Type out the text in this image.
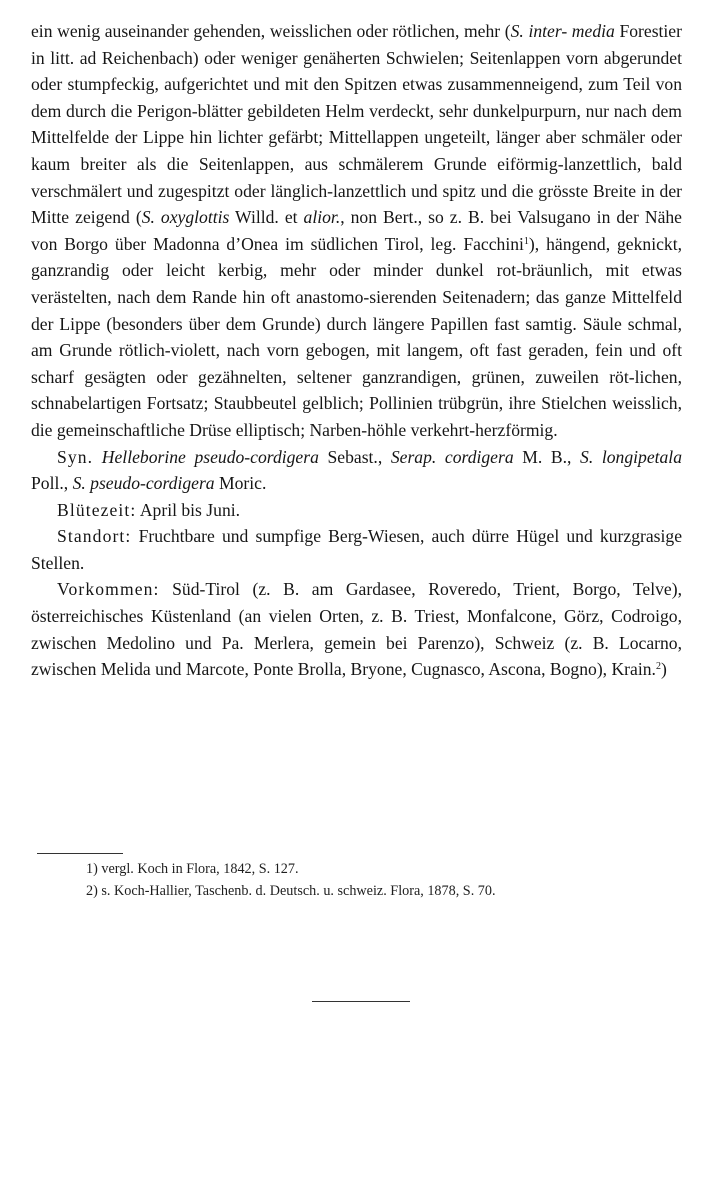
ein wenig auseinander gehenden, weisslichen oder rötlichen, mehr (S. inter- media Forestier in litt. ad Reichenbach) oder weniger genäherten Schwielen; Seitenlappen vorn abgerundet oder stumpfeckig, aufgerichtet und mit den Spitzen etwas zusammenneigend, zum Teil von dem durch die Perigon-blätter gebildeten Helm verdeckt, sehr dunkelpurpurn, nur nach dem Mittelfelde der Lippe hin lichter gefärbt; Mittellappen ungeteilt, länger aber schmäler oder kaum breiter als die Seitenlappen, aus schmälerem Grunde eiförmig-lanzettlich, bald verschmälert und zugespitzt oder länglich-lanzettlich und spitz und die grösste Breite in der Mitte zeigend (S. oxyglottis Willd. et alior., non Bert., so z. B. bei Valsugano in der Nähe von Borgo über Madonna d’Onea im südlichen Tirol, leg. Facchini$^1$), hängend, geknickt, ganzrandig oder leicht kerbig, mehr oder minder dunkel rot-bräunlich, mit etwas verästelten, nach dem Rande hin oft anastomo-sierenden Seitenadern; das ganze Mittelfeld der Lippe (besonders über dem Grunde) durch längere Papillen fast samtig. Säule schmal, am Grunde rötlich-violett, nach vorn gebogen, mit langem, oft fast geraden, fein und oft scharf gesägten oder gezähnelten, seltener ganzrandigen, grünen, zuweilen röt-lichen, schnabelartigen Fortsatz; Staubbeutel gelblich; Pollinien trübgrün, ihre Stielchen weisslich, die gemeinschaftliche Drüse elliptisch; Narben-höhle verkehrt-herzförmig.

Syn. Helleborine pseudo-cordigera Sebast., Serap. cordigera M. B., S. longipetala Poll., S. pseudo-cordigera Moric.

Blütezeit: April bis Juni.

Standort: Fruchtbare und sumpfige Berg-Wiesen, auch dürre Hügel und kurzgrasige Stellen.

Vorkommen: Süd-Tirol (z. B. am Gardasee, Roveredo, Trient, Borgo, Telve), österreichisches Küstenland (an vielen Orten, z. B. Triest, Monfalcone, Görz, Codroigo, zwischen Medolino und Pa. Merlera, gemein bei Parenzo), Schweiz (z. B. Locarno, zwischen Melida und Marcote, Ponte Brolla, Bryone, Cugnasco, Ascona, Bogno), Krain.$^2$)

1) vergl. Koch in Flora, 1842, S. 127.

2) s. Koch-Hallier, Taschenb. d. Deutsch. u. schweiz. Flora, 1878, S. 70.
